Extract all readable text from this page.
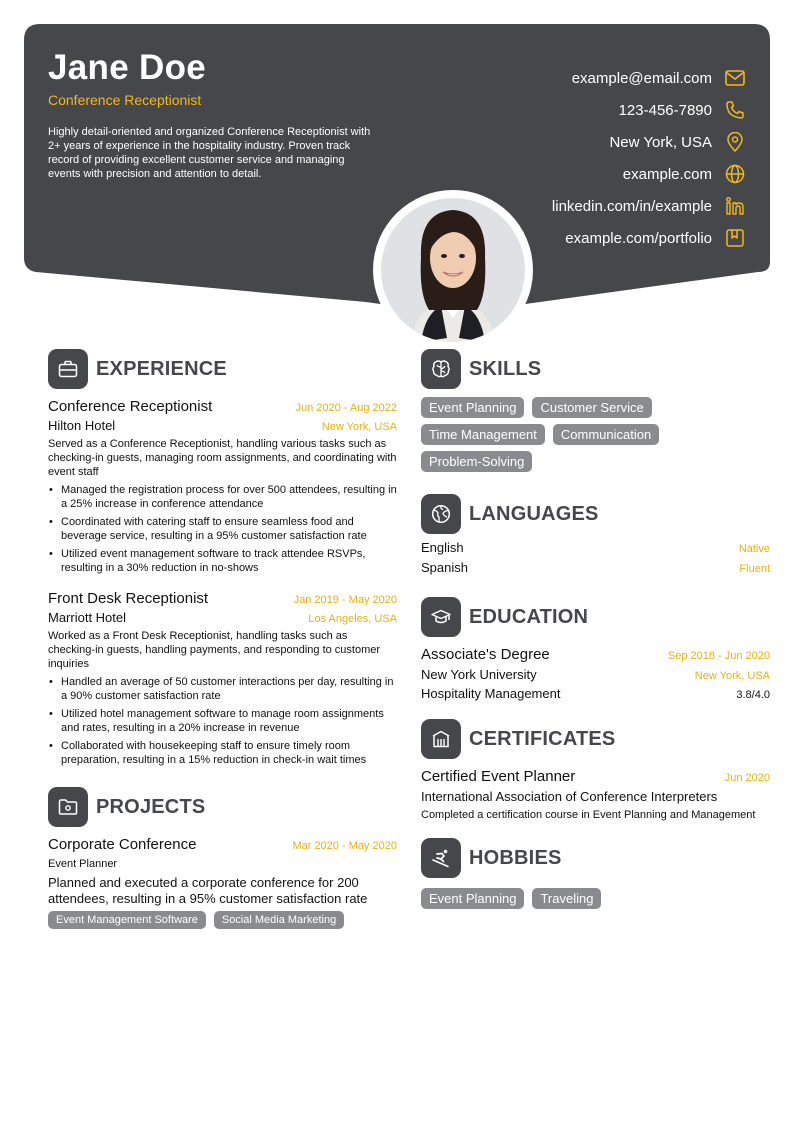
Jane Doe
Conference Receptionist
Highly detail-oriented and organized Conference Receptionist with 2+ years of experience in the hospitality industry. Proven track record of providing excellent customer service and managing events with precision and attention to detail.
example@email.com
123-456-7890
New York, USA
example.com
linkedin.com/in/example
example.com/portfolio
EXPERIENCE
Conference Receptionist	Jun 2020 - Aug 2022
Hilton Hotel	New York, USA
Served as a Conference Receptionist, handling various tasks such as checking-in guests, managing room assignments, and coordinating with event staff
• Managed the registration process for over 500 attendees, resulting in a 25% increase in conference attendance
• Coordinated with catering staff to ensure seamless food and beverage service, resulting in a 95% customer satisfaction rate
• Utilized event management software to track attendee RSVPs, resulting in a 30% reduction in no-shows
Front Desk Receptionist	Jan 2019 - May 2020
Marriott Hotel	Los Angeles, USA
Worked as a Front Desk Receptionist, handling tasks such as checking-in guests, handling payments, and responding to customer inquiries
• Handled an average of 50 customer interactions per day, resulting in a 90% customer satisfaction rate
• Utilized hotel management software to manage room assignments and rates, resulting in a 20% increase in revenue
• Collaborated with housekeeping staff to ensure timely room preparation, resulting in a 15% reduction in check-in wait times
PROJECTS
Corporate Conference	Mar 2020 - May 2020
Event Planner
Planned and executed a corporate conference for 200 attendees, resulting in a 95% customer satisfaction rate
Event Management Software	Social Media Marketing
SKILLS
Event Planning	Customer Service
Time Management	Communication
Problem-Solving
LANGUAGES
English	Native
Spanish	Fluent
EDUCATION
Associate's Degree	Sep 2018 - Jun 2020
New York University	New York, USA
Hospitality Management	3.8/4.0
CERTIFICATES
Certified Event Planner	Jun 2020
International Association of Conference Interpreters
Completed a certification course in Event Planning and Management
HOBBIES
Event Planning	Traveling
